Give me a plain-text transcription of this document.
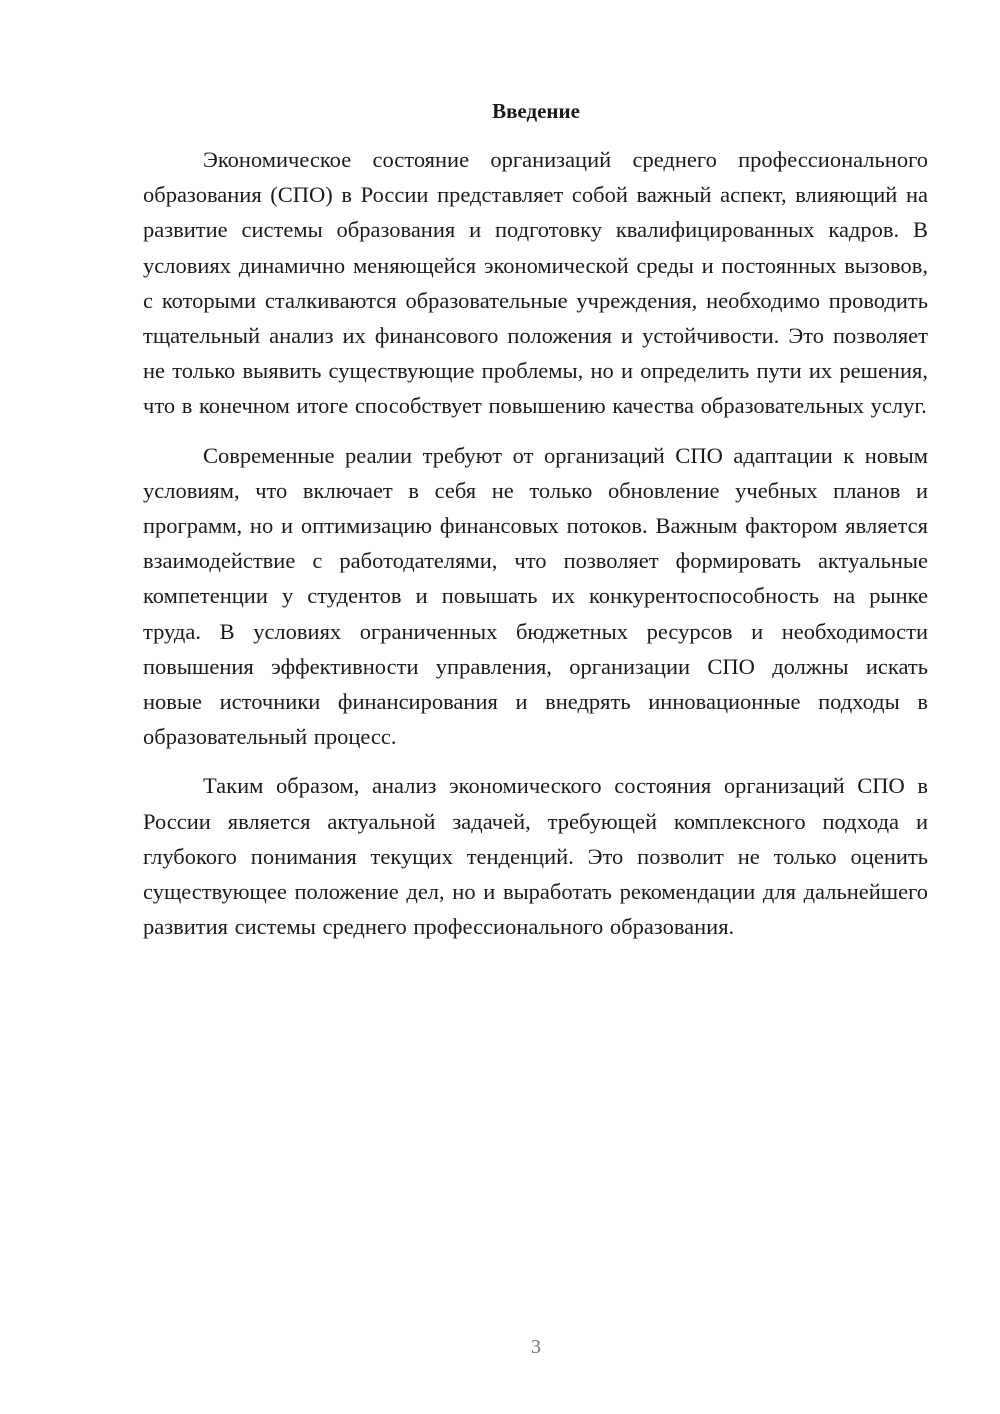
Введение

Экономическое состояние организаций среднего профессионального образования (СПО) в России представляет собой важный аспект, влияющий на развитие системы образования и подготовку квалифицированных кадров. В условиях динамично меняющейся экономической среды и постоянных вызовов, с которыми сталкиваются образовательные учреждения, необходимо проводить тщательный анализ их финансового положения и устойчивости. Это позволяет не только выявить существующие проблемы, но и определить пути их решения, что в конечном итоге способствует повышению качества образовательных услуг.

Современные реалии требуют от организаций СПО адаптации к новым условиям, что включает в себя не только обновление учебных планов и программ, но и оптимизацию финансовых потоков. Важным фактором является взаимодействие с работодателями, что позволяет формировать актуальные компетенции у студентов и повышать их конкурентоспособность на рынке труда. В условиях ограниченных бюджетных ресурсов и необходимости повышения эффективности управления, организации СПО должны искать новые источники финансирования и внедрять инновационные подходы в образовательный процесс.

Таким образом, анализ экономического состояния организаций СПО в России является актуальной задачей, требующей комплексного подхода и глубокого понимания текущих тенденций. Это позволит не только оценить существующее положение дел, но и выработать рекомендации для дальнейшего развития системы среднего профессионального образования.

3
